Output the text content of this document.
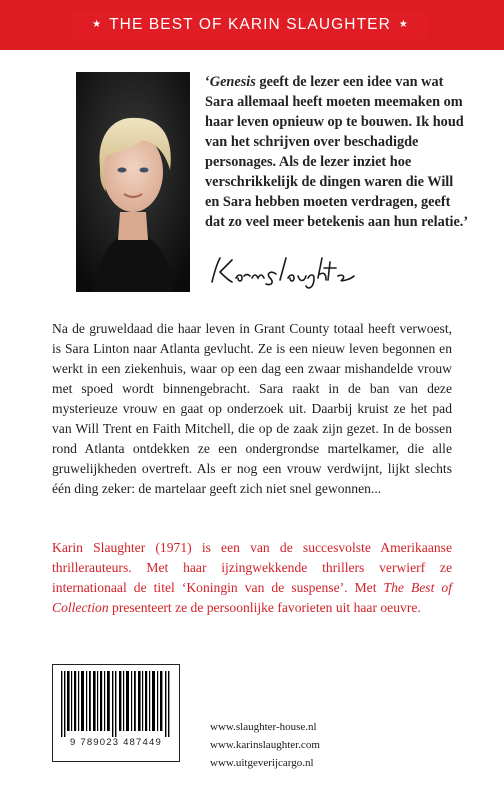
★ THE BEST OF KARIN SLAUGHTER ★

‘Genesis geeft de lezer een idee van wat Sara allemaal heeft moeten meemaken om haar leven opnieuw op te bouwen. Ik houd van het schrijven over beschadigde personages. Als de lezer inziet hoe verschrikkelijk de dingen waren die Will en Sara hebben moeten verdragen, geeft dat zo veel meer betekenis aan hun relatie.’

Na de gruweldaad die haar leven in Grant County totaal heeft verwoest, is Sara Linton naar Atlanta gevlucht. Ze is een nieuw leven begonnen en werkt in een ziekenhuis, waar op een dag een zwaar mishandelde vrouw met spoed wordt binnengebracht. Sara raakt in de ban van deze mysterieuze vrouw en gaat op onderzoek uit. Daarbij kruist ze het pad van Will Trent en Faith Mitchell, die op de zaak zijn gezet. In de bossen rond Atlanta ontdekken ze een ondergrondse martelkamer, die alle gruwelijkheden overtreft. Als er nog een vrouw verdwijnt, lijkt slechts één ding zeker: de martelaar geeft zich niet snel gewonnen...

Karin Slaughter (1971) is een van de succesvolste Amerikaanse thrillerauteurs. Met haar ijzingwekkende thrillers verwierf ze internationaal de titel ‘Koningin van de suspense’. Met The Best of Collection presenteert ze de persoonlijke favorieten uit haar oeuvre.

9 789023 487449
www.slaughter-house.nl
www.karinslaughter.com
www.uitgeverijcargo.nl
